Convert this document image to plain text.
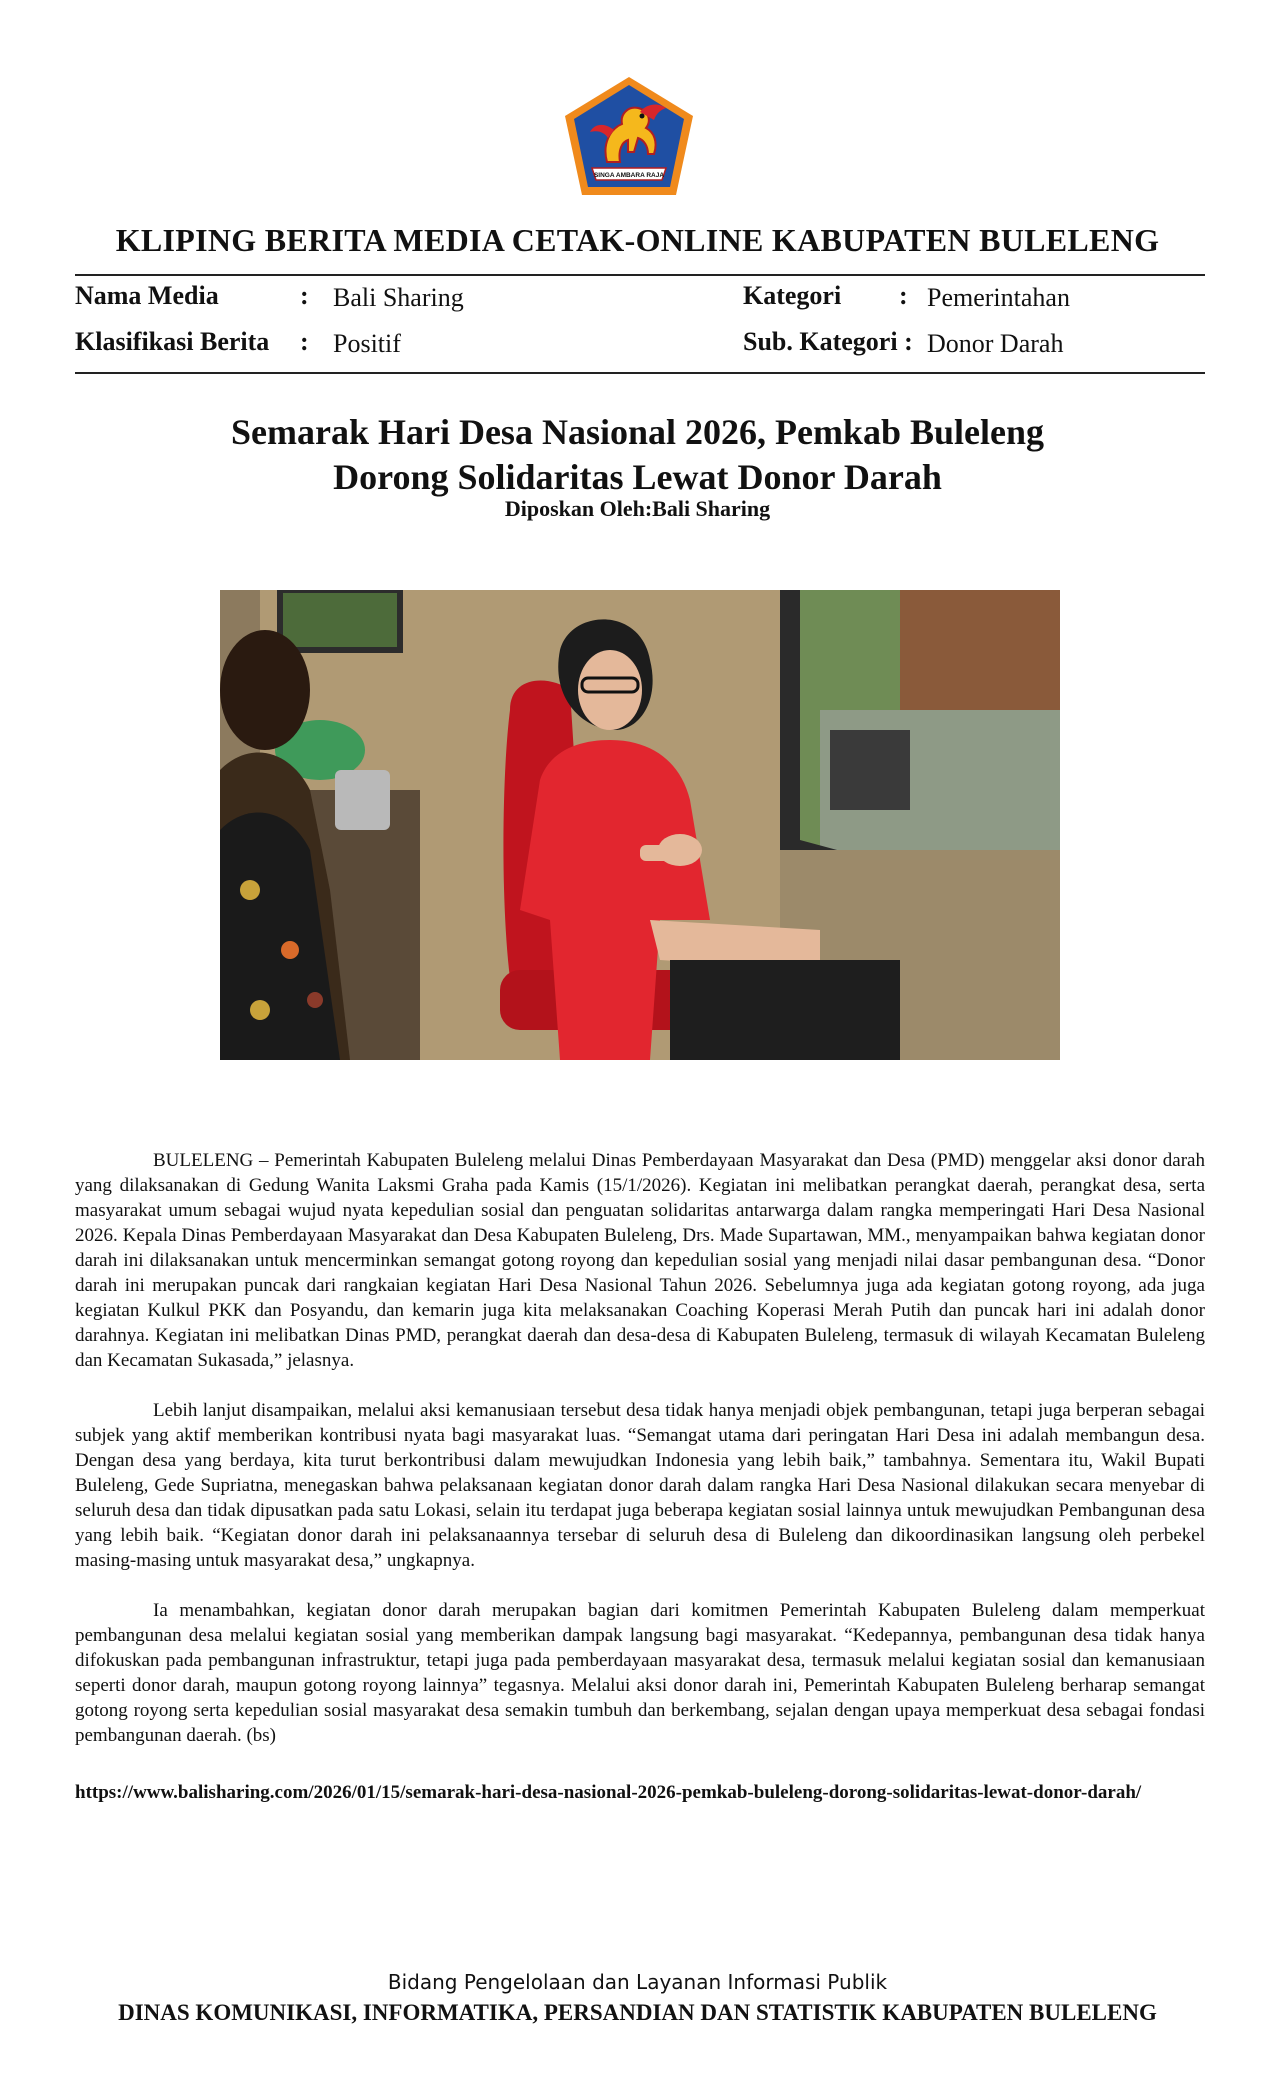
SINGA AMBARA RAJA
KLIPING BERITA MEDIA CETAK-ONLINE KABUPATEN BULELENG
Nama Media	: Bali Sharing	Kategori : Pemerintahan
Klasifikasi Berita : Positif	Sub. Kategori : Donor Darah
Semarak Hari Desa Nasional 2026, Pemkab Buleleng
Dorong Solidaritas Lewat Donor Darah
Diposkan Oleh:Bali Sharing

BULELENG – Pemerintah Kabupaten Buleleng melalui Dinas Pemberdayaan Masyarakat dan Desa (PMD) menggelar aksi donor darah yang dilaksanakan di Gedung Wanita Laksmi Graha pada Kamis (15/1/2026). Kegiatan ini melibatkan perangkat daerah, perangkat desa, serta masyarakat umum sebagai wujud nyata kepedulian sosial dan penguatan solidaritas antarwarga dalam rangka memperingati Hari Desa Nasional 2026. Kepala Dinas Pemberdayaan Masyarakat dan Desa Kabupaten Buleleng, Drs. Made Supartawan, MM., menyampaikan bahwa kegiatan donor darah ini dilaksanakan untuk mencerminkan semangat gotong royong dan kepedulian sosial yang menjadi nilai dasar pembangunan desa. “Donor darah ini merupakan puncak dari rangkaian kegiatan Hari Desa Nasional Tahun 2026. Sebelumnya juga ada kegiatan gotong royong, ada juga kegiatan Kulkul PKK dan Posyandu, dan kemarin juga kita melaksanakan Coaching Koperasi Merah Putih dan puncak hari ini adalah donor darahnya. Kegiatan ini melibatkan Dinas PMD, perangkat daerah dan desa-desa di Kabupaten Buleleng, termasuk di wilayah Kecamatan Buleleng dan Kecamatan Sukasada,” jelasnya.

Lebih lanjut disampaikan, melalui aksi kemanusiaan tersebut desa tidak hanya menjadi objek pembangunan, tetapi juga berperan sebagai subjek yang aktif memberikan kontribusi nyata bagi masyarakat luas. “Semangat utama dari peringatan Hari Desa ini adalah membangun desa. Dengan desa yang berdaya, kita turut berkontribusi dalam mewujudkan Indonesia yang lebih baik,” tambahnya. Sementara itu, Wakil Bupati Buleleng, Gede Supriatna, menegaskan bahwa pelaksanaan kegiatan donor darah dalam rangka Hari Desa Nasional dilakukan secara menyebar di seluruh desa dan tidak dipusatkan pada satu Lokasi, selain itu terdapat juga beberapa kegiatan sosial lainnya untuk mewujudkan Pembangunan desa yang lebih baik. “Kegiatan donor darah ini pelaksanaannya tersebar di seluruh desa di Buleleng dan dikoordinasikan langsung oleh perbekel masing-masing untuk masyarakat desa,” ungkapnya.

Ia menambahkan, kegiatan donor darah merupakan bagian dari komitmen Pemerintah Kabupaten Buleleng dalam memperkuat pembangunan desa melalui kegiatan sosial yang memberikan dampak langsung bagi masyarakat. “Kedepannya, pembangunan desa tidak hanya difokuskan pada pembangunan infrastruktur, tetapi juga pada pemberdayaan masyarakat desa, termasuk melalui kegiatan sosial dan kemanusiaan seperti donor darah, maupun gotong royong lainnya” tegasnya. Melalui aksi donor darah ini, Pemerintah Kabupaten Buleleng berharap semangat gotong royong serta kepedulian sosial masyarakat desa semakin tumbuh dan berkembang, sejalan dengan upaya memperkuat desa sebagai fondasi pembangunan daerah. (bs)

https://www.balisharing.com/2026/01/15/semarak-hari-desa-nasional-2026-pemkab-buleleng-dorong-solidaritas-lewat-donor-darah/
Bidang Pengelolaan dan Layanan Informasi Publik
DINAS KOMUNIKASI, INFORMATIKA, PERSANDIAN DAN STATISTIK KABUPATEN BULELENG
